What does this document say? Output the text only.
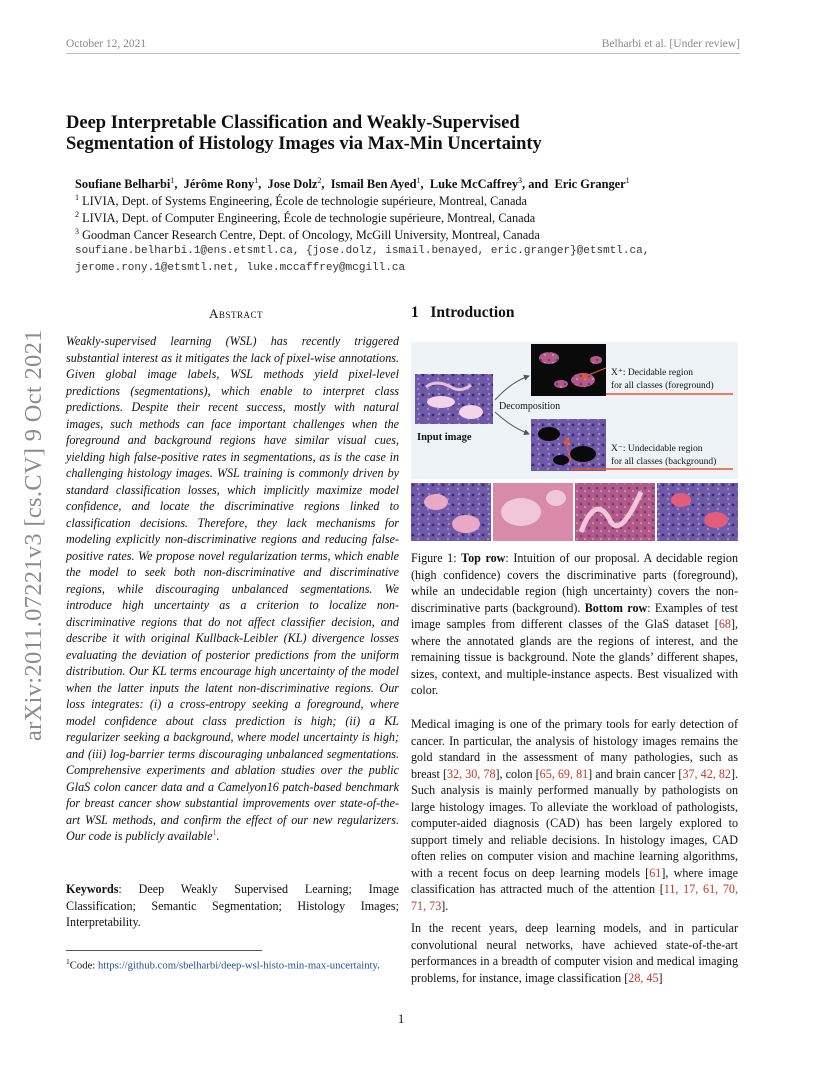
October 12, 2021	Belharbi et al. [Under review]
arXiv:2011.07221v3 [cs.CV] 9 Oct 2021
Deep Interpretable Classification and Weakly-Supervised
Segmentation of Histology Images via Max-Min Uncertainty
Soufiane Belharbi$^1$,  Jérôme Rony$^1$,  Jose Dolz$^2$,  Ismail Ben Ayed$^1$,  Luke McCaffrey$^3$, and Eric Granger$^1$
$^1$ LIVIA, Dept. of Systems Engineering, École de technologie supérieure, Montreal, Canada
$^2$ LIVIA, Dept. of Computer Engineering, École de technologie supérieure, Montreal, Canada
$^3$ Goodman Cancer Research Centre, Dept. of Oncology, McGill University, Montreal, Canada
soufiane.belharbi.1@ens.etsmtl.ca, {jose.dolz, ismail.benayed, eric.granger}@etsmtl.ca,
jerome.rony.1@etsmtl.net, luke.mccaffrey@mcgill.ca
Abstract
Weakly-supervised learning (WSL) has recently triggered substantial interest as it mitigates the lack of pixel-wise annotations. Given global image labels, WSL methods yield pixel-level predictions (segmentations), which enable to interpret class predictions. Despite their recent success, mostly with natural images, such methods can face important challenges when the foreground and background regions have similar visual cues, yielding high false-positive rates in segmentations, as is the case in challenging histology images. WSL training is commonly driven by standard classification losses, which implicitly maximize model confidence, and locate the discriminative regions linked to classification decisions. Therefore, they lack mechanisms for modeling explicitly non-discriminative regions and reducing false-positive rates. We propose novel regularization terms, which enable the model to seek both non-discriminative and discriminative regions, while discouraging unbalanced segmentations. We introduce high uncertainty as a criterion to localize non-discriminative regions that do not affect classifier decision, and describe it with original Kullback-Leibler (KL) divergence losses evaluating the deviation of posterior predictions from the uniform distribution. Our KL terms encourage high uncertainty of the model when the latter inputs the latent non-discriminative regions. Our loss integrates: (i) a cross-entropy seeking a foreground, where model confidence about class prediction is high; (ii) a KL regularizer seeking a background, where model uncertainty is high; and (iii) log-barrier terms discouraging unbalanced segmentations. Comprehensive experiments and ablation studies over the public GlaS colon cancer data and a Camelyon16 patch-based benchmark for breast cancer show substantial improvements over state-of-the-art WSL methods, and confirm the effect of our new regularizers. Our code is publicly available$^1$.
Keywords: Deep Weakly Supervised Learning; Image Classification; Semantic Segmentation; Histology Images; Interpretability.
$^1$Code: https://github.com/sbelharbi/deep-wsl-histo-min-max-uncertainty.
1 Introduction
Input image
Decomposition
X⁺: Decidable region
for all classes (foreground)
X⁻: Undecidable region
for all classes (background)
Figure 1: Top row: Intuition of our proposal. A decidable region (high confidence) covers the discriminative parts (foreground), while an undecidable region (high uncertainty) covers the non-discriminative parts (background). Bottom row: Examples of test image samples from different classes of the GlaS dataset [68], where the annotated glands are the regions of interest, and the remaining tissue is background. Note the glands’ different shapes, sizes, context, and multiple-instance aspects. Best visualized with color.
Medical imaging is one of the primary tools for early detection of cancer. In particular, the analysis of histology images remains the gold standard in the assessment of many pathologies, such as breast [32, 30, 78], colon [65, 69, 81] and brain cancer [37, 42, 82]. Such analysis is mainly performed manually by pathologists on large histology images. To alleviate the workload of pathologists, computer-aided diagnosis (CAD) has been largely explored to support timely and reliable decisions. In histology images, CAD often relies on computer vision and machine learning algorithms, with a recent focus on deep learning models [61], where image classification has attracted much of the attention [11, 17, 61, 70, 71, 73].
In the recent years, deep learning models, and in particular convolutional neural networks, have achieved state-of-the-art performances in a breadth of computer vision and medical imaging problems, for instance, image classification [28, 45]
1
